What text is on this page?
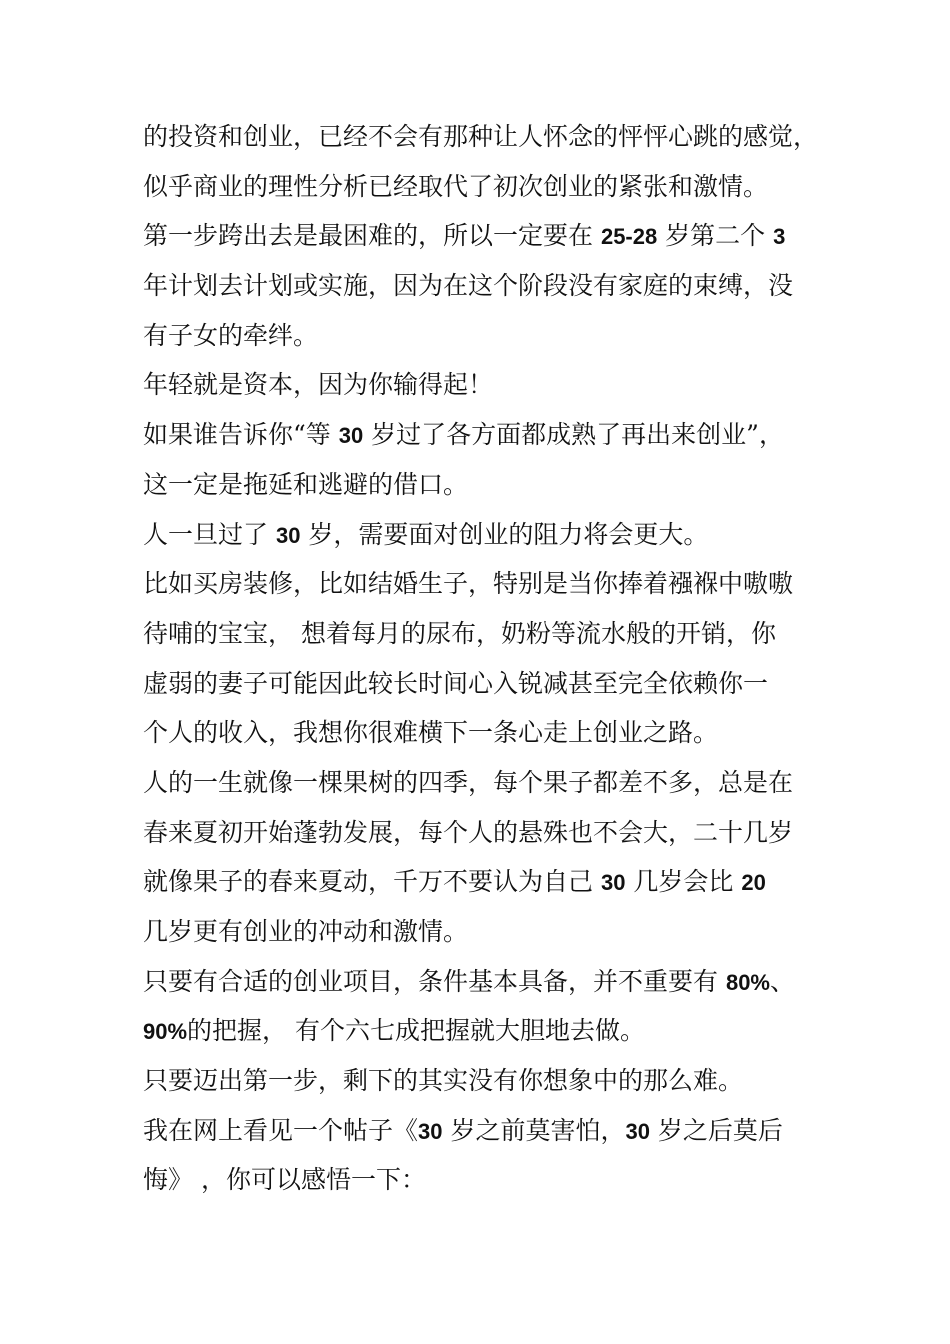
的投资和创业，已经不会有那种让人怀念的怦怦心跳的感觉，
似乎商业的理性分析已经取代了初次创业的紧张和激情。
第一步跨出去是最困难的，所以一定要在 25-28 岁第二个 3
年计划去计划或实施，因为在这个阶段没有家庭的束缚，没
有子女的牵绊。
年轻就是资本，因为你输得起！
如果谁告诉你“等 30 岁过了各方面都成熟了再出来创业”，
这一定是拖延和逃避的借口。
人一旦过了 30 岁，需要面对创业的阻力将会更大。
比如买房装修，比如结婚生子，特别是当你捧着襁褓中嗷嗷
待哺的宝宝， 想着每月的尿布，奶粉等流水般的开销，你
虚弱的妻子可能因此较长时间心入锐减甚至完全依赖你一
个人的收入，我想你很难横下一条心走上创业之路。
人的一生就像一棵果树的四季，每个果子都差不多，总是在
春来夏初开始蓬勃发展，每个人的悬殊也不会大，二十几岁
就像果子的春来夏动，千万不要认为自己 30 几岁会比 20
几岁更有创业的冲动和激情。
只要有合适的创业项目，条件基本具备，并不重要有 80%、
90%的把握， 有个六七成把握就大胆地去做。
只要迈出第一步，剩下的其实没有你想象中的那么难。
我在网上看见一个帖子《30 岁之前莫害怕，30 岁之后莫后
悔》 ，你可以感悟一下：
